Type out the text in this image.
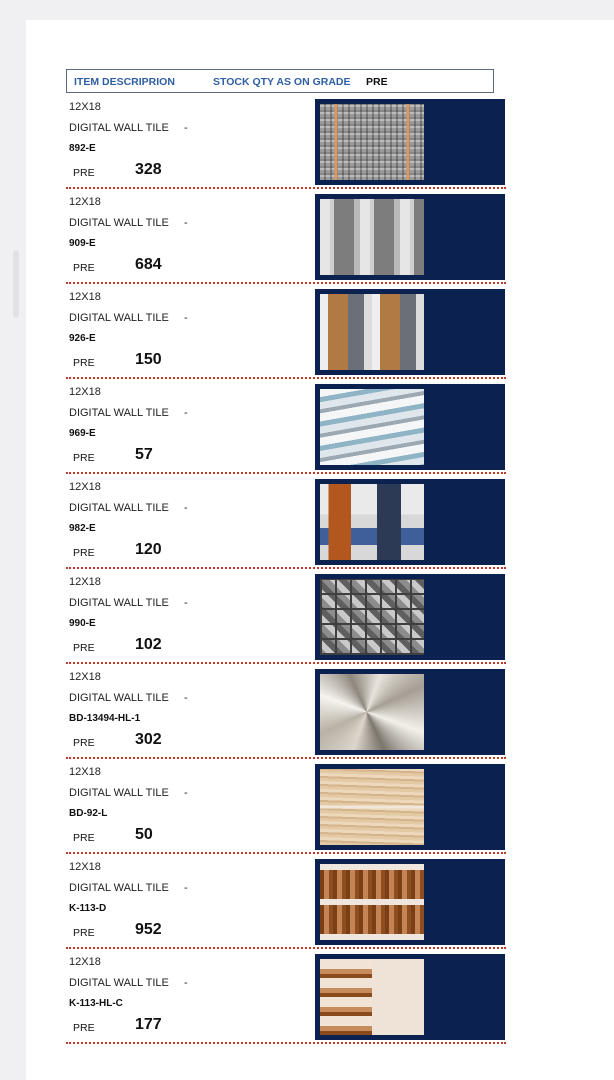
ITEM DESCRIPRION	STOCK QTY AS ON GRADE PRE
12X18
DIGITAL WALL TILE -
892-E
PRE	328
12X18
DIGITAL WALL TILE -
909-E
PRE	684
12X18
DIGITAL WALL TILE -
926-E
PRE	150
12X18
DIGITAL WALL TILE -
969-E
PRE	57
12X18
DIGITAL WALL TILE -
982-E
PRE	120
12X18
DIGITAL WALL TILE -
990-E
PRE	102
12X18
DIGITAL WALL TILE -
BD-13494-HL-1
PRE	302
12X18
DIGITAL WALL TILE -
BD-92-L
PRE	50
12X18
DIGITAL WALL TILE -
K-113-D
PRE	952
12X18
DIGITAL WALL TILE -
K-113-HL-C
PRE	177
